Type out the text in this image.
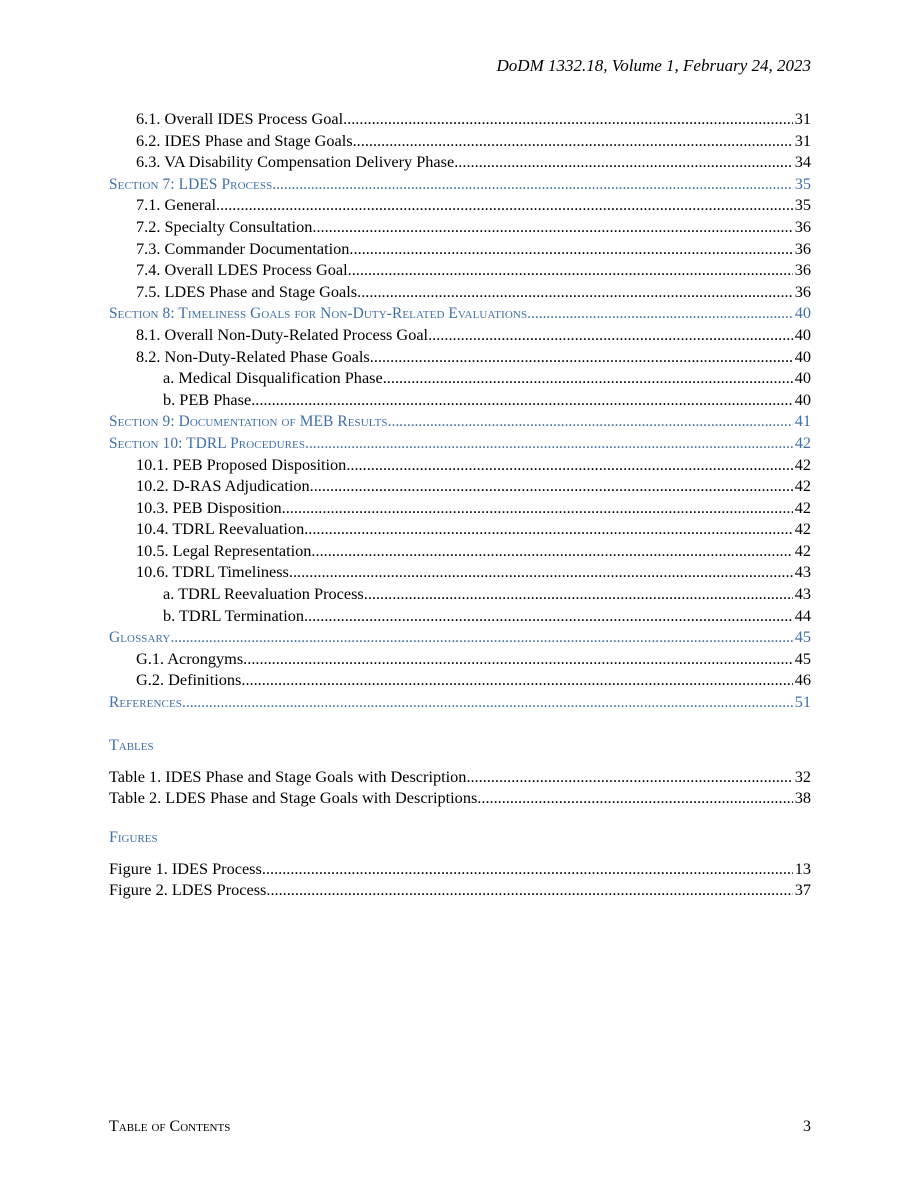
DoDM 1332.18, Volume 1, February 24, 2023
6.1. Overall IDES Process Goal .....	31
6.2. IDES Phase and Stage Goals. .....	31
6.3. VA Disability Compensation Delivery Phase .....	34
Section 7: LDES Process .....	35
7.1. General. .....	35
7.2. Specialty Consultation. .....	36
7.3. Commander Documentation. .....	36
7.4. Overall LDES Process Goal .....	36
7.5. LDES Phase and Stage Goals. .....	36
Section 8: Timeliness Goals for Non-Duty-Related Evaluations .....	40
8.1. Overall Non-Duty-Related Process Goal. .....	40
8.2. Non-Duty-Related Phase Goals. .....	40
a. Medical Disqualification Phase .....	40
b. PEB Phase. .....	40
Section 9: Documentation of MEB Results .....	41
Section 10: TDRL Procedures .....	42
10.1. PEB Proposed Disposition. .....	42
10.2. D-RAS Adjudication. .....	42
10.3. PEB Disposition. .....	42
10.4. TDRL Reevaluation. .....	42
10.5. Legal Representation. .....	42
10.6. TDRL Timeliness. .....	43
a. TDRL Reevaluation Process. .....	43
b. TDRL Termination. .....	44
Glossary .....	45
G.1. Acrongyms. .....	45
G.2. Definitions. .....	46
References .....	51
Tables
Table 1. IDES Phase and Stage Goals with Description .....	32
Table 2. LDES Phase and Stage Goals with Descriptions .....	38
Figures
Figure 1. IDES Process .....	13
Figure 2. LDES Process. .....	37
Table of Contents	3
